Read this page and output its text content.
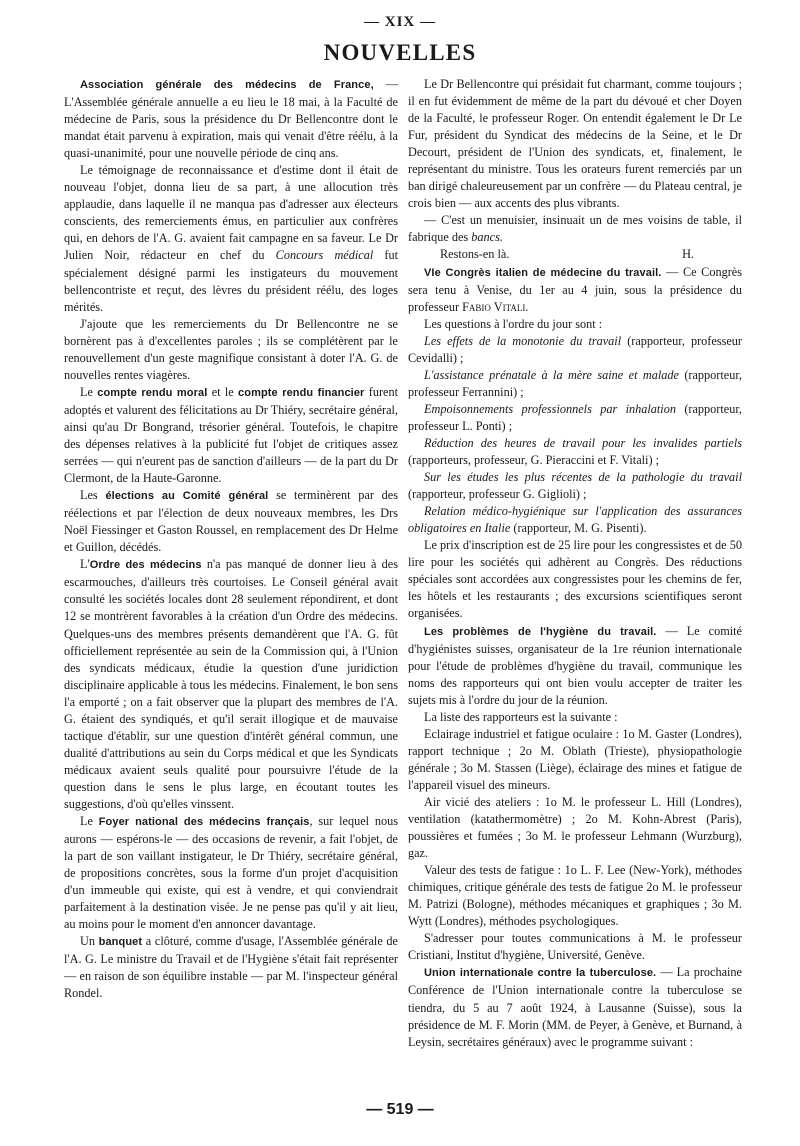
— XIX —
NOUVELLES

Association générale des médecins de France, — L'Assemblée générale annuelle a eu lieu le 18 mai, à la Faculté de médecine de Paris, sous la présidence du Dr Bellencontre dont le mandat était parvenu à expiration, mais qui venait d'être réélu, à la quasi-unanimité, pour une nouvelle période de cinq ans.

Le témoignage de reconnaissance et d'estime dont il était de nouveau l'objet, donna lieu de sa part, à une allocution très applaudie, dans laquelle il ne manqua pas d'adresser aux électeurs conscients, des remerciements émus, en particulier aux confrères qui, en dehors de l'A. G. avaient fait campagne en sa faveur. Le Dr Julien Noir, rédacteur en chef du Concours médical fut spécialement désigné parmi les instigateurs du mouvement bellencontriste et reçut, des lèvres du président réélu, des loges mérités.

J'ajoute que les remerciements du Dr Bellencontre ne se bornèrent pas à d'excellentes paroles ; ils se complétèrent par le renouvellement d'un geste magnifique consistant à doter l'A. G. de nouvelles rentes viagères.

Le compte rendu moral et le compte rendu financier furent adoptés et valurent des félicitations au Dr Thiéry, secrétaire général, ainsi qu'au Dr Bongrand, trésorier général. Toutefois, le chapitre des dépenses relatives à la publicité fut l'objet de critiques assez serrées — qui n'eurent pas de sanction d'ailleurs — de la part du Dr Clermont, de la Haute-Garonne.

Les élections au Comité général se terminèrent par des réélections et par l'élection de deux nouveaux membres, les Drs Noël Fiessinger et Gaston Roussel, en remplacement des Dr Helme et Guillon, décédés.

L'Ordre des médecins n'a pas manqué de donner lieu à des escarmouches, d'ailleurs très courtoises. Le Conseil général avait consulté les sociétés locales dont 28 seulement répondirent, et dont 12 se montrèrent favorables à la création d'un Ordre des médecins. Quelques-uns des membres présents demandèrent que l'A. G. fût officiellement représentée au sein de la Commission qui, à l'Union des syndicats médicaux, étudie la question d'une juridiction disciplinaire applicable à tous les médecins. Finalement, le bon sens l'a emporté ; on a fait observer que la plupart des membres de l'A. G. étaient des syndiqués, et qu'il serait illogique et de mauvaise tactique d'établir, sur une question d'intérêt général commun, une dualité d'attributions au sein du Corps médical et que les Syndicats médicaux avaient seuls qualité pour poursuivre l'étude de la question dans le sens le plus large, en écoutant toutes les suggestions, d'où qu'elles vinssent.

Le Foyer national des médecins français, sur lequel nous aurons — espérons-le — des occasions de revenir, a fait l'objet, de la part de son vaillant instigateur, le Dr Thiéry, secrétaire général, de propositions concrètes, sous la forme d'un projet d'acquisition d'un immeuble qui existe, qui est à vendre, et qui conviendrait parfaitement à la destination visée. Je ne pense pas qu'il y ait lieu, au moins pour le moment d'en annoncer davantage.

Un banquet a clôturé, comme d'usage, l'Assemblée générale de l'A. G. Le ministre du Travail et de l'Hygiène s'était fait représenter — en raison de son équilibre instable — par M. l'inspecteur général Rondel.

Le Dr Bellencontre qui présidait fut charmant, comme toujours ; il en fut évidemment de même de la part du dévoué et cher Doyen de la Faculté, le professeur Roger. On entendit également le Dr Le Fur, président du Syndicat des médecins de la Seine, et le Dr Decourt, président de l'Union des syndicats, et, finalement, le représentant du ministre. Tous les orateurs furent remerciés par un ban dirigé chaleureusement par un confrère — du Plateau central, je crois bien — aux accents des plus vibrants.

— C'est un menuisier, insinuait un de mes voisins de table, il fabrique des bancs.

Restons-en là.	H.

VIe Congrès italien de médecine du travail. — Ce Congrès sera tenu à Venise, du 1er au 4 juin, sous la présidence du professeur Fabio Vitali.

Les questions à l'ordre du jour sont :

Les effets de la monotonie du travail (rapporteur, professeur Cevidalli) ;

L'assistance prénatale à la mère saine et malade (rapporteur, professeur Ferrannini) ;

Empoisonnements professionnels par inhalation (rapporteur, professeur L. Ponti) ;

Réduction des heures de travail pour les invalides partiels (rapporteurs, professeur, G. Pieraccini et F. Vitali) ;

Sur les études les plus récentes de la pathologie du travail (rapporteur, professeur G. Giglioli) ;

Relation médico-hygiénique sur l'application des assurances obligatoires en Italie (rapporteur, M. G. Pisenti).

Le prix d'inscription est de 25 lire pour les congressistes et de 50 lire pour les sociétés qui adhèrent au Congrès. Des réductions spéciales sont accordées aux congressistes pour les chemins de fer, les hôtels et les restaurants ; des excursions scientifiques seront organisées.

Les problèmes de l'hygiène du travail. — Le comité d'hygiénistes suisses, organisateur de la 1re réunion internationale pour l'étude de problèmes d'hygiène du travail, communique les noms des rapporteurs qui ont bien voulu accepter de traiter les sujets mis à l'ordre du jour de la réunion.

La liste des rapporteurs est la suivante :

Eclairage industriel et fatigue oculaire : 1o M. Gaster (Londres), rapport technique ; 2o M. Oblath (Trieste), physiopathologie générale ; 3o M. Stassen (Liège), éclairage des mines et fatigue de l'appareil visuel des mineurs.

Air vicié des ateliers : 1o M. le professeur L. Hill (Londres), ventilation (katathermomètre) ; 2o M. Kohn-Abrest (Paris), poussières et fumées ; 3o M. le professeur Lehmann (Wurzburg), gaz.

Valeur des tests de fatigue : 1o L. F. Lee (New-York), méthodes chimiques, critique générale des tests de fatigue 2o M. le professeur M. Patrizi (Bologne), méthodes mécaniques et graphiques ; 3o M. Wytt (Londres), méthodes psychologiques.

S'adresser pour toutes communications à M. le professeur Cristiani, Institut d'hygiène, Université, Genève.

Union internationale contre la tuberculose. — La prochaine Conférence de l'Union internationale contre la tuberculose se tiendra, du 5 au 7 août 1924, à Lausanne (Suisse), sous la présidence de M. F. Morin (MM. de Peyer, à Genève, et Burnand, à Leysin, secrétaires généraux) avec le programme suivant :

— 519 —
